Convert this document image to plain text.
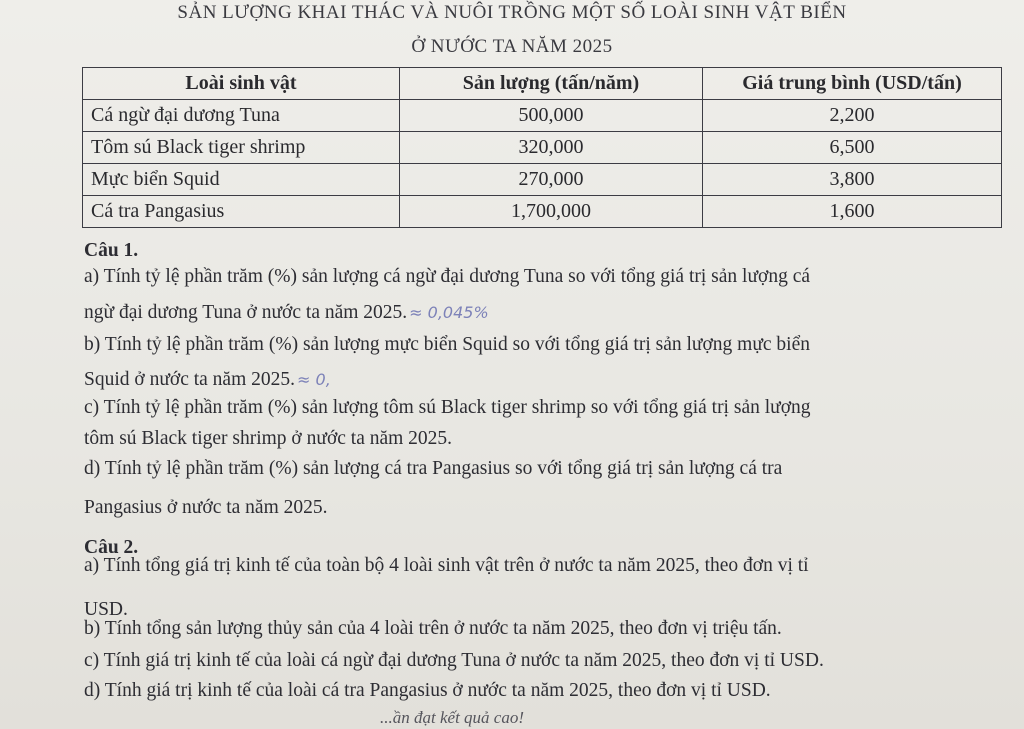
SẢN LƯỢNG KHAI THÁC VÀ NUÔI TRỒNG MỘT SỐ LOÀI SINH VẬT BIỂN
Ở NƯỚC TA NĂM 2025
Loài sinh vật	Sản lượng (tấn/năm)	Giá trung bình (USD/tấn)
Cá ngừ đại dương Tuna	500,000	2,200
Tôm sú Black tiger shrimp	320,000	6,500
Mực biển Squid	270,000	3,800
Cá tra Pangasius	1,700,000	1,600
Câu 1.
a) Tính tỷ lệ phần trăm (%) sản lượng cá ngừ đại dương Tuna so với tổng giá trị sản lượng cá
ngừ đại dương Tuna ở nước ta năm 2025. ≈ 0,045%
b) Tính tỷ lệ phần trăm (%) sản lượng mực biển Squid so với tổng giá trị sản lượng mực biển
Squid ở nước ta năm 2025. ≈ 0,
c) Tính tỷ lệ phần trăm (%) sản lượng tôm sú Black tiger shrimp so với tổng giá trị sản lượng
tôm sú Black tiger shrimp ở nước ta năm 2025.
d) Tính tỷ lệ phần trăm (%) sản lượng cá tra Pangasius so với tổng giá trị sản lượng cá tra
Pangasius ở nước ta năm 2025.
Câu 2.
a) Tính tổng giá trị kinh tế của toàn bộ 4 loài sinh vật trên ở nước ta năm 2025, theo đơn vị tỉ
USD.
b) Tính tổng sản lượng thủy sản của 4 loài trên ở nước ta năm 2025, theo đơn vị triệu tấn.
c) Tính giá trị kinh tế của loài cá ngừ đại dương Tuna ở nước ta năm 2025, theo đơn vị tỉ USD.
d) Tính giá trị kinh tế của loài cá tra Pangasius ở nước ta năm 2025, theo đơn vị tỉ USD.
...ần đạt kết quả cao!
